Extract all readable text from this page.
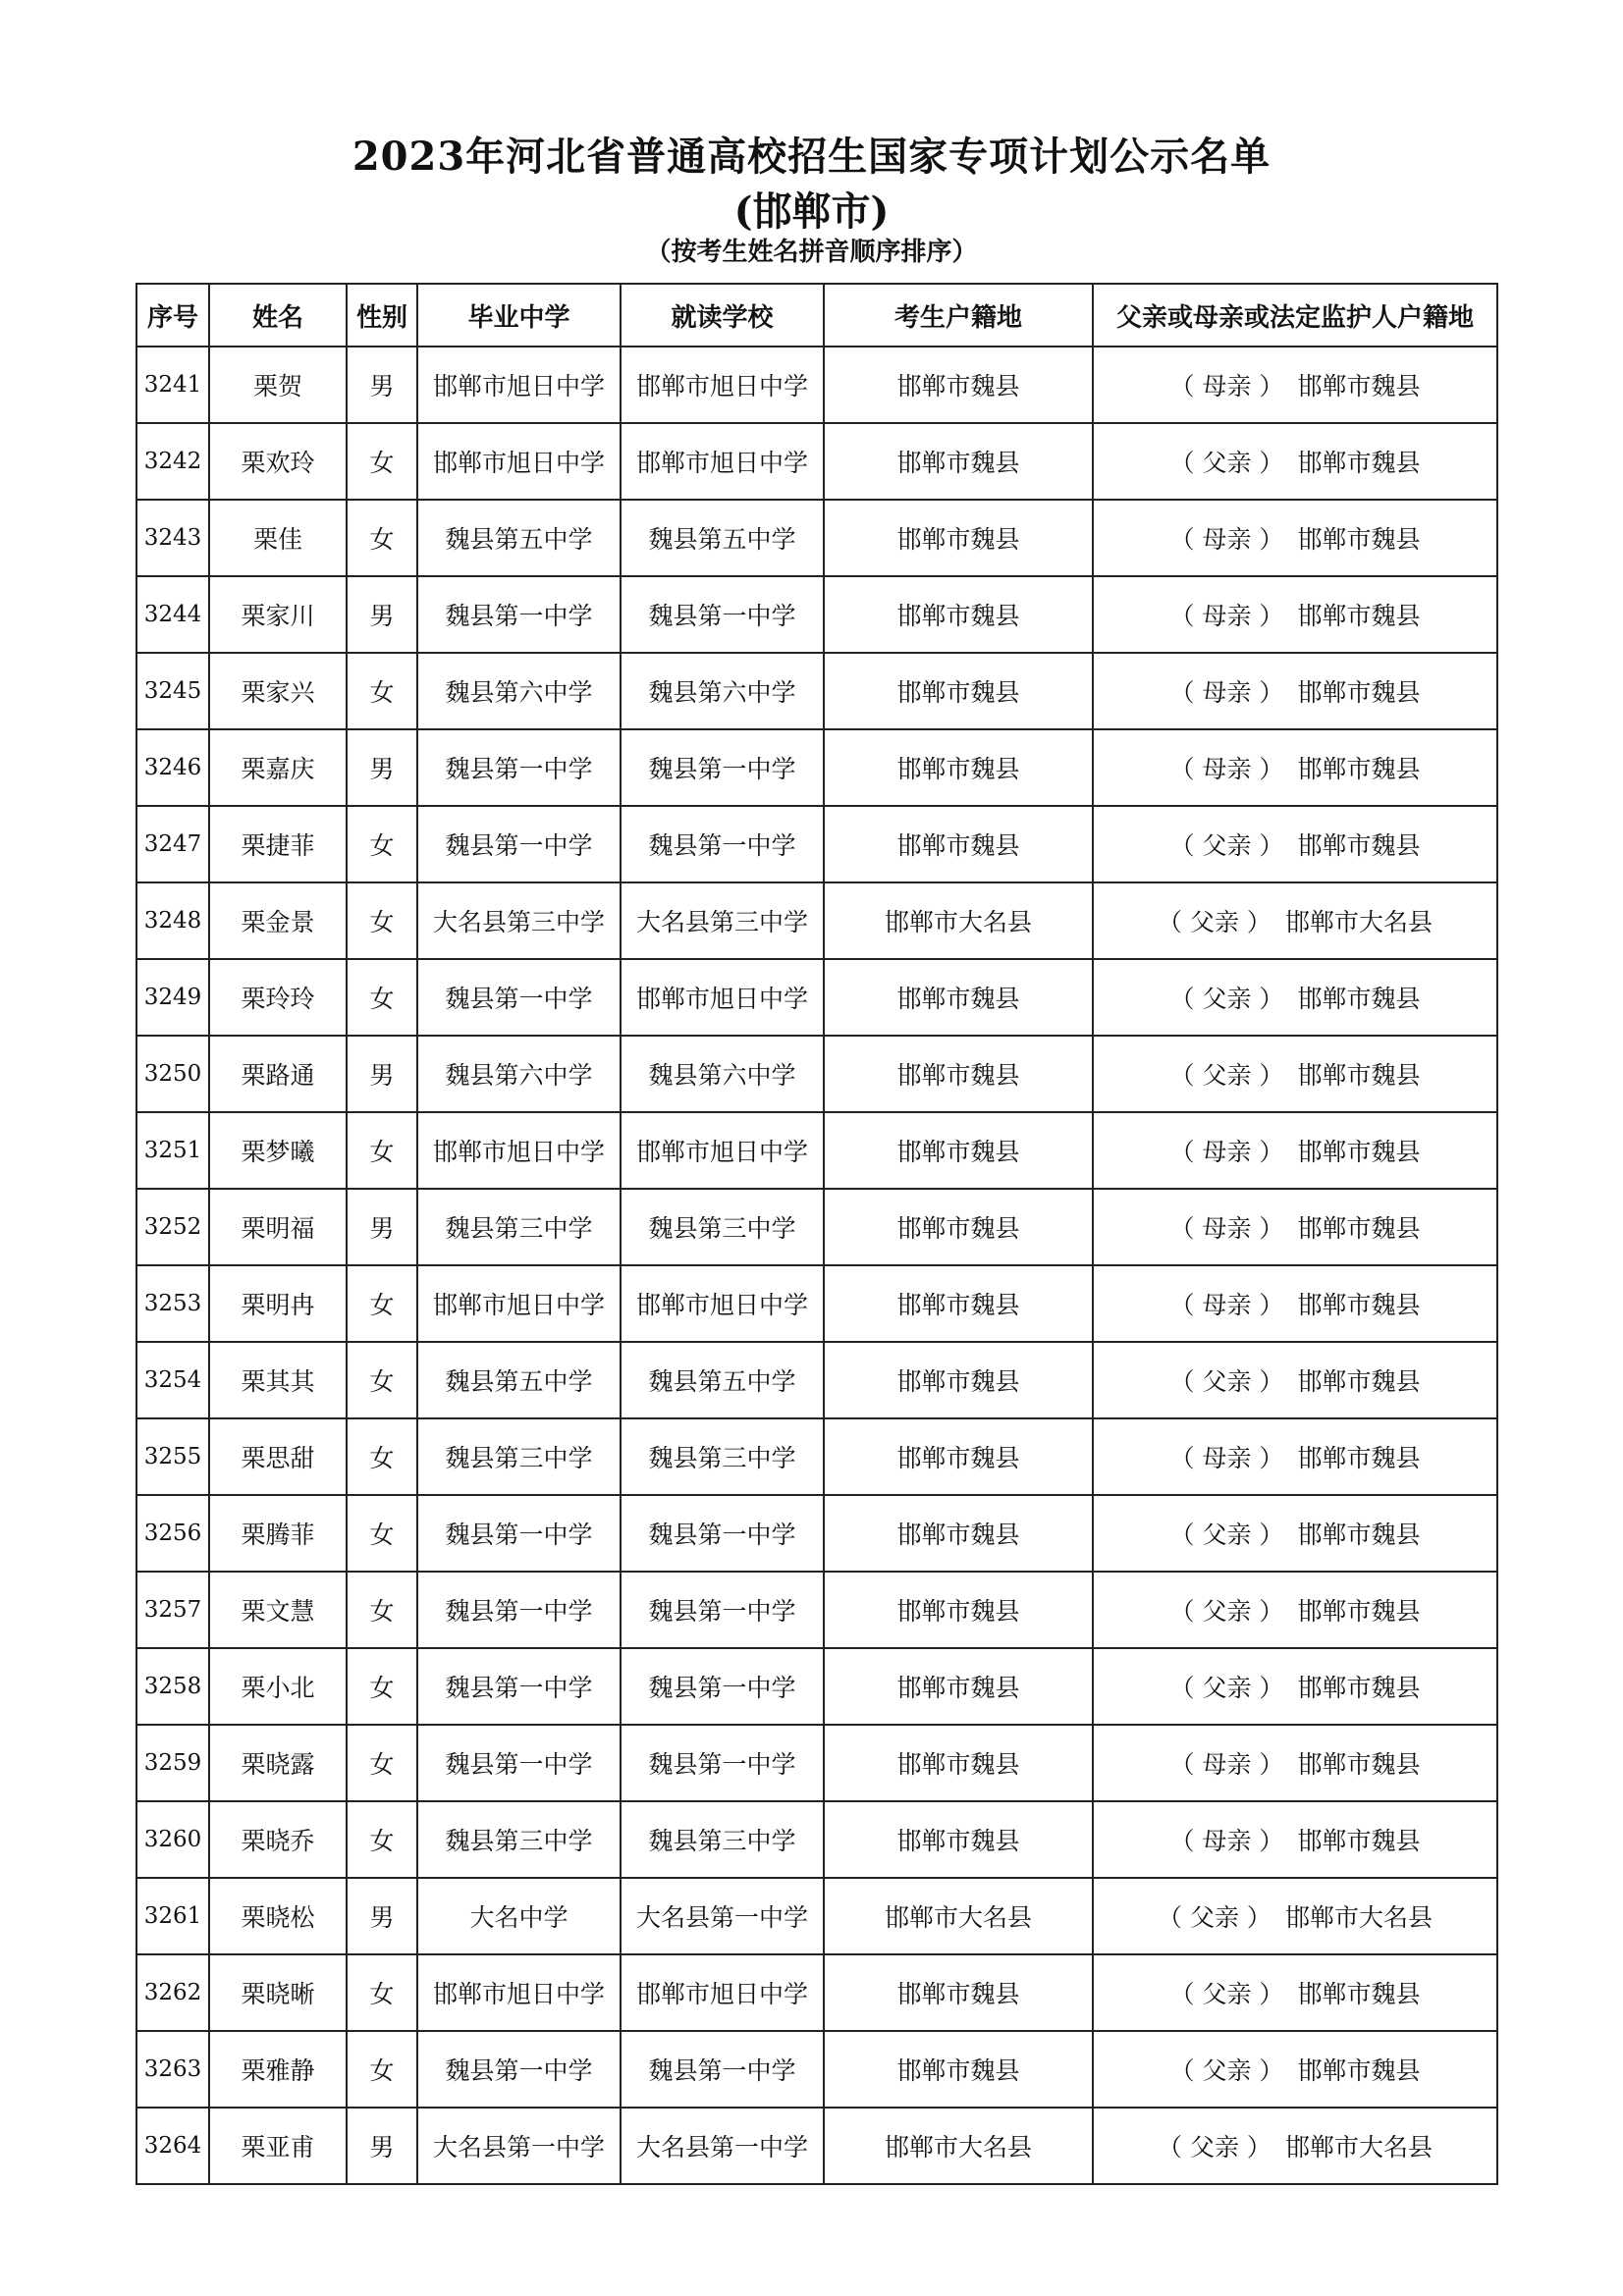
2023年河北省普通高校招生国家专项计划公示名单
(邯郸市)
（按考生姓名拼音顺序排序）
序号	姓名	性别	毕业中学	就读学校	考生户籍地	父亲或母亲或法定监护人户籍地
3241	栗贺	男	邯郸市旭日中学	邯郸市旭日中学	邯郸市魏县	（ 母亲 ） 邯郸市魏县
3242	栗欢玲	女	邯郸市旭日中学	邯郸市旭日中学	邯郸市魏县	（ 父亲 ） 邯郸市魏县
3243	栗佳	女	魏县第五中学	魏县第五中学	邯郸市魏县	（ 母亲 ） 邯郸市魏县
3244	栗家川	男	魏县第一中学	魏县第一中学	邯郸市魏县	（ 母亲 ） 邯郸市魏县
3245	栗家兴	女	魏县第六中学	魏县第六中学	邯郸市魏县	（ 母亲 ） 邯郸市魏县
3246	栗嘉庆	男	魏县第一中学	魏县第一中学	邯郸市魏县	（ 母亲 ） 邯郸市魏县
3247	栗捷菲	女	魏县第一中学	魏县第一中学	邯郸市魏县	（ 父亲 ） 邯郸市魏县
3248	栗金景	女	大名县第三中学	大名县第三中学	邯郸市大名县	（ 父亲 ） 邯郸市大名县
3249	栗玲玲	女	魏县第一中学	邯郸市旭日中学	邯郸市魏县	（ 父亲 ） 邯郸市魏县
3250	栗路通	男	魏县第六中学	魏县第六中学	邯郸市魏县	（ 父亲 ） 邯郸市魏县
3251	栗梦曦	女	邯郸市旭日中学	邯郸市旭日中学	邯郸市魏县	（ 母亲 ） 邯郸市魏县
3252	栗明福	男	魏县第三中学	魏县第三中学	邯郸市魏县	（ 母亲 ） 邯郸市魏县
3253	栗明冉	女	邯郸市旭日中学	邯郸市旭日中学	邯郸市魏县	（ 母亲 ） 邯郸市魏县
3254	栗其其	女	魏县第五中学	魏县第五中学	邯郸市魏县	（ 父亲 ） 邯郸市魏县
3255	栗思甜	女	魏县第三中学	魏县第三中学	邯郸市魏县	（ 母亲 ） 邯郸市魏县
3256	栗腾菲	女	魏县第一中学	魏县第一中学	邯郸市魏县	（ 父亲 ） 邯郸市魏县
3257	栗文慧	女	魏县第一中学	魏县第一中学	邯郸市魏县	（ 父亲 ） 邯郸市魏县
3258	栗小北	女	魏县第一中学	魏县第一中学	邯郸市魏县	（ 父亲 ） 邯郸市魏县
3259	栗晓露	女	魏县第一中学	魏县第一中学	邯郸市魏县	（ 母亲 ） 邯郸市魏县
3260	栗晓乔	女	魏县第三中学	魏县第三中学	邯郸市魏县	（ 母亲 ） 邯郸市魏县
3261	栗晓松	男	大名中学	大名县第一中学	邯郸市大名县	（ 父亲 ） 邯郸市大名县
3262	栗晓晰	女	邯郸市旭日中学	邯郸市旭日中学	邯郸市魏县	（ 父亲 ） 邯郸市魏县
3263	栗雅静	女	魏县第一中学	魏县第一中学	邯郸市魏县	（ 父亲 ） 邯郸市魏县
3264	栗亚甫	男	大名县第一中学	大名县第一中学	邯郸市大名县	（ 父亲 ） 邯郸市大名县
